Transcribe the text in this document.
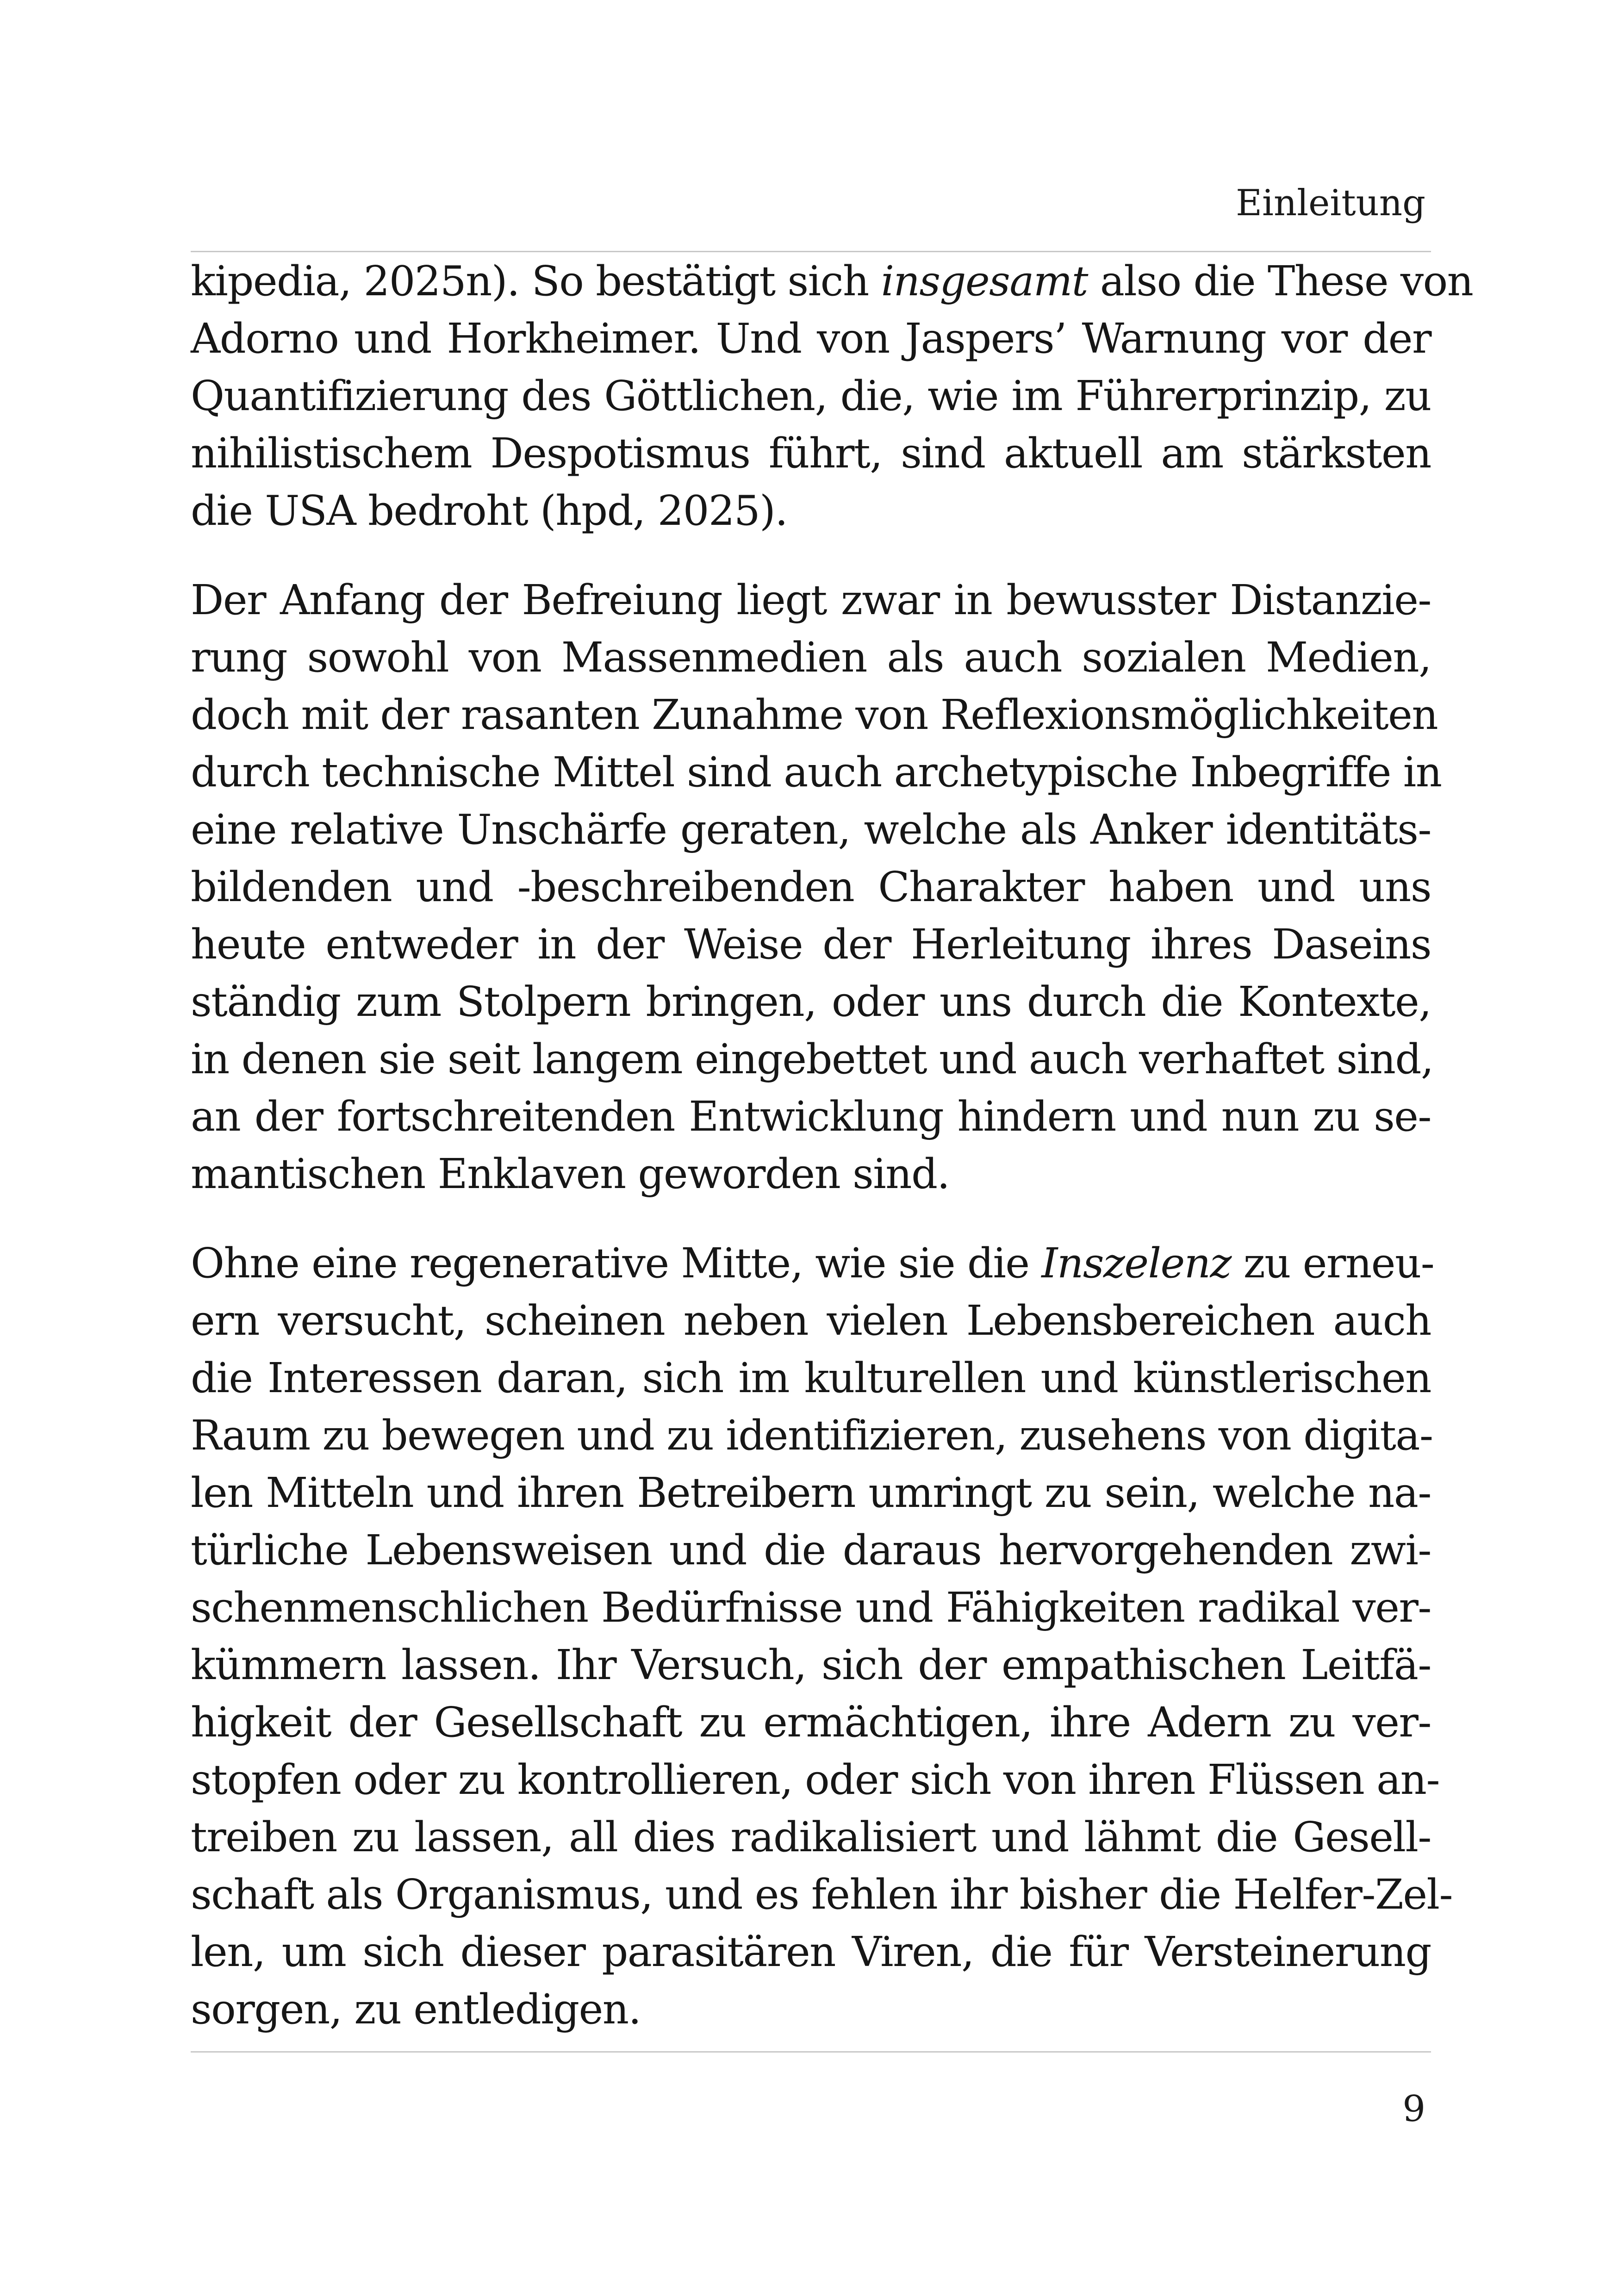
Einleitung
kipedia, 2025n). So bestätigt sich insgesamt also die These von
Adorno und Horkheimer. Und von Jaspers’ Warnung vor der
Quantifizierung des Göttlichen, die, wie im Führerprinzip, zu
nihilistischem Despotismus führt, sind aktuell am stärksten
die USA bedroht (hpd, 2025).
Der Anfang der Befreiung liegt zwar in bewusster Distanzie-
rung sowohl von Massenmedien als auch sozialen Medien,
doch mit der rasanten Zunahme von Reflexionsmöglichkeiten
durch technische Mittel sind auch archetypische Inbegriffe in
eine relative Unschärfe geraten, welche als Anker identitäts-
bildenden und -beschreibenden Charakter haben und uns
heute entweder in der Weise der Herleitung ihres Daseins
ständig zum Stolpern bringen, oder uns durch die Kontexte,
in denen sie seit langem eingebettet und auch verhaftet sind,
an der fortschreitenden Entwicklung hindern und nun zu se-
mantischen Enklaven geworden sind.
Ohne eine regenerative Mitte, wie sie die Inszelenz zu erneu-
ern versucht, scheinen neben vielen Lebensbereichen auch
die Interessen daran, sich im kulturellen und künstlerischen
Raum zu bewegen und zu identifizieren, zusehens von digita-
len Mitteln und ihren Betreibern umringt zu sein, welche na-
türliche Lebensweisen und die daraus hervorgehenden zwi-
schenmenschlichen Bedürfnisse und Fähigkeiten radikal ver-
kümmern lassen. Ihr Versuch, sich der empathischen Leitfä-
higkeit der Gesellschaft zu ermächtigen, ihre Adern zu ver-
stopfen oder zu kontrollieren, oder sich von ihren Flüssen an-
treiben zu lassen, all dies radikalisiert und lähmt die Gesell-
schaft als Organismus, und es fehlen ihr bisher die Helfer-Zel-
len, um sich dieser parasitären Viren, die für Versteinerung
sorgen, zu entledigen.
9
